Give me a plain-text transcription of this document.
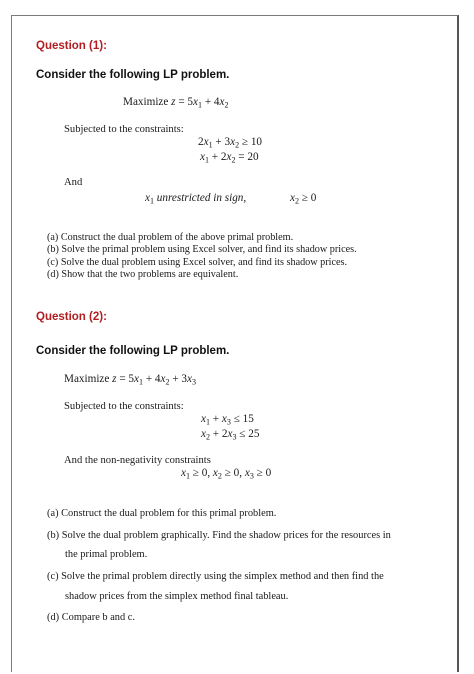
Question (1):
Consider the following LP problem.
Maximize $z = 5x_1 + 4x_2$
Subjected to the constraints:
$2x_1 + 3x_2 \ge 10$
$x_1 + 2x_2 = 20$
And
$x_1$ unrestricted in sign,	$x_2 \ge 0$
(a) Construct the dual problem of the above primal problem.
(b) Solve the primal problem using Excel solver, and find its shadow prices.
(c) Solve the dual problem using Excel solver, and find its shadow prices.
(d) Show that the two problems are equivalent.
Question (2):
Consider the following LP problem.
Maximize $z = 5x_1 + 4x_2 + 3x_3$
Subjected to the constraints:
$x_1 + x_3 \le 15$
$x_2 + 2x_3 \le 25$
And the non-negativity constraints
$x_1 \ge 0$, $x_2 \ge 0$, $x_3 \ge 0$
(a) Construct the dual problem for this primal problem.
(b) Solve the dual problem graphically. Find the shadow prices for the resources in
the primal problem.
(c) Solve the primal problem directly using the simplex method and then find the
shadow prices from the simplex method final tableau.
(d) Compare b and c.
